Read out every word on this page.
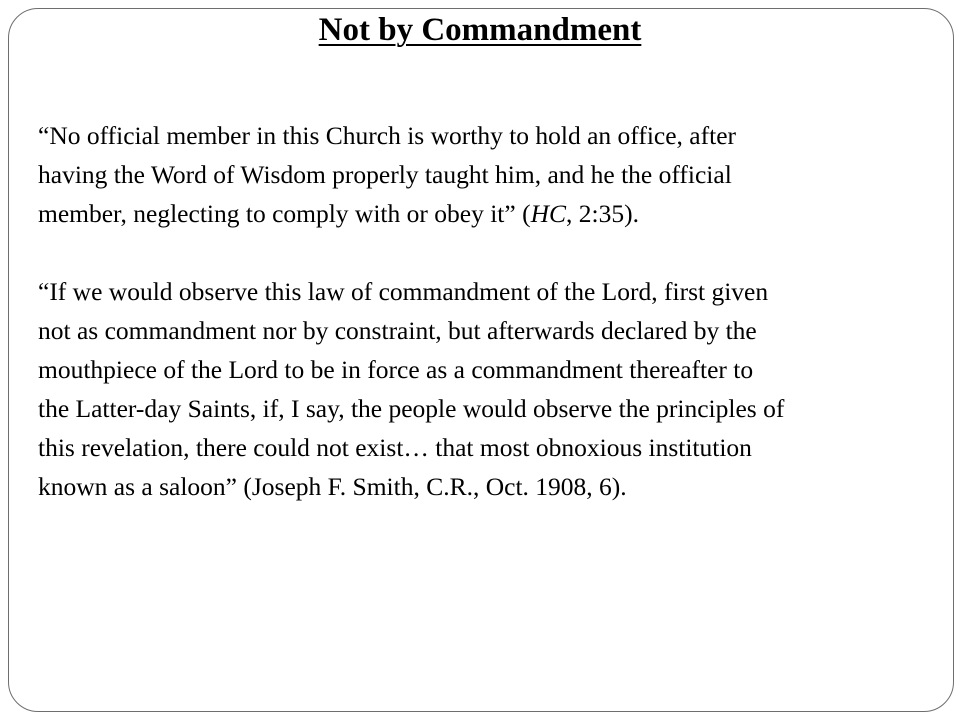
Not by Commandment

“No official member in this Church is worthy to hold an office, after
having the Word of Wisdom properly taught him, and he the official
member, neglecting to comply with or obey it” (HC, 2:35).

“If we would observe this law of commandment of the Lord, first given
not as commandment nor by constraint, but afterwards declared by the
mouthpiece of the Lord to be in force as a commandment thereafter to
the Latter-day Saints, if, I say, the people would observe the principles of
this revelation, there could not exist… that most obnoxious institution
known as a saloon” (Joseph F. Smith, C.R., Oct. 1908, 6).
